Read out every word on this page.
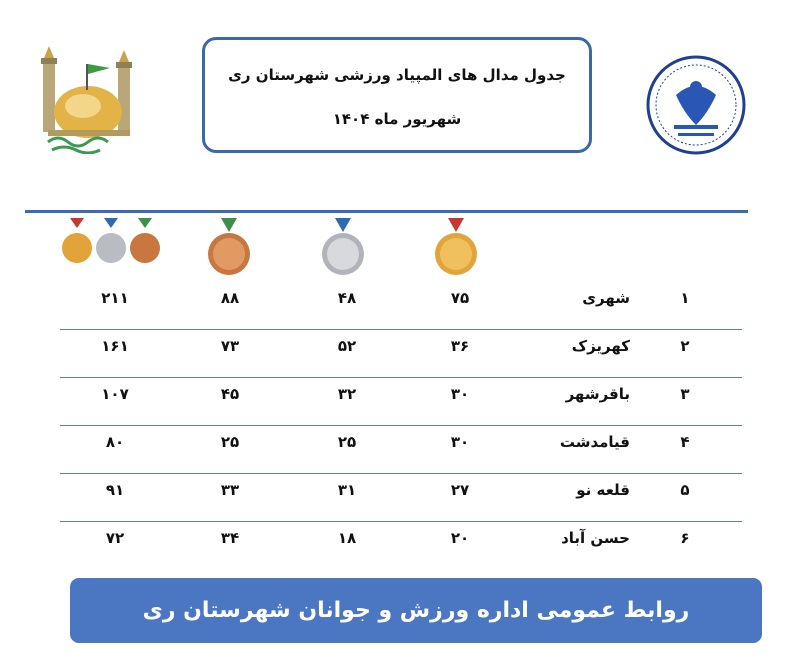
جدول مدال های المپیاد ورزشی شهرستان ری
شهریور ماه ۱۴۰۴
۱
شهری
۷۵
۴۸
۸۸
۲۱۱
۲
کهریزک
۳۶
۵۲
۷۳
۱۶۱
۳
باقرشهر
۳۰
۳۲
۴۵
۱۰۷
۴
قیامدشت
۳۰
۲۵
۲۵
۸۰
۵
قلعه نو
۲۷
۳۱
۳۳
۹۱
۶
حسن آباد
۲۰
۱۸
۳۴
۷۲
روابط عمومی اداره ورزش و جوانان شهرستان ری
